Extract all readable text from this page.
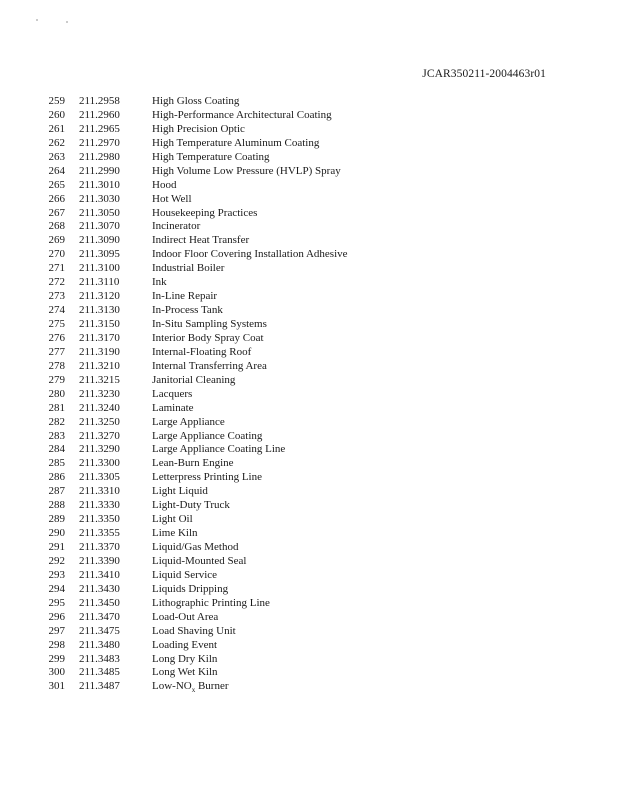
JCAR350211-2004463r01
259 211.2958	High Gloss Coating
260 211.2960	High-Performance Architectural Coating
261 211.2965	High Precision Optic
262 211.2970	High Temperature Aluminum Coating
263 211.2980	High Temperature Coating
264 211.2990	High Volume Low Pressure (HVLP) Spray
265 211.3010	Hood
266 211.3030	Hot Well
267 211.3050	Housekeeping Practices
268 211.3070	Incinerator
269 211.3090	Indirect Heat Transfer
270 211.3095	Indoor Floor Covering Installation Adhesive
271 211.3100	Industrial Boiler
272 211.3110	Ink
273 211.3120	In-Line Repair
274 211.3130	In-Process Tank
275 211.3150	In-Situ Sampling Systems
276 211.3170	Interior Body Spray Coat
277 211.3190	Internal-Floating Roof
278 211.3210	Internal Transferring Area
279 211.3215	Janitorial Cleaning
280 211.3230	Lacquers
281 211.3240	Laminate
282 211.3250	Large Appliance
283 211.3270	Large Appliance Coating
284 211.3290	Large Appliance Coating Line
285 211.3300	Lean-Burn Engine
286 211.3305	Letterpress Printing Line
287 211.3310	Light Liquid
288 211.3330	Light-Duty Truck
289 211.3350	Light Oil
290 211.3355	Lime Kiln
291 211.3370	Liquid/Gas Method
292 211.3390	Liquid-Mounted Seal
293 211.3410	Liquid Service
294 211.3430	Liquids Dripping
295 211.3450	Lithographic Printing Line
296 211.3470	Load-Out Area
297 211.3475	Load Shaving Unit
298 211.3480	Loading Event
299 211.3483	Long Dry Kiln
300 211.3485	Long Wet Kiln
301 211.3487	Low-$NO_x$ Burner
